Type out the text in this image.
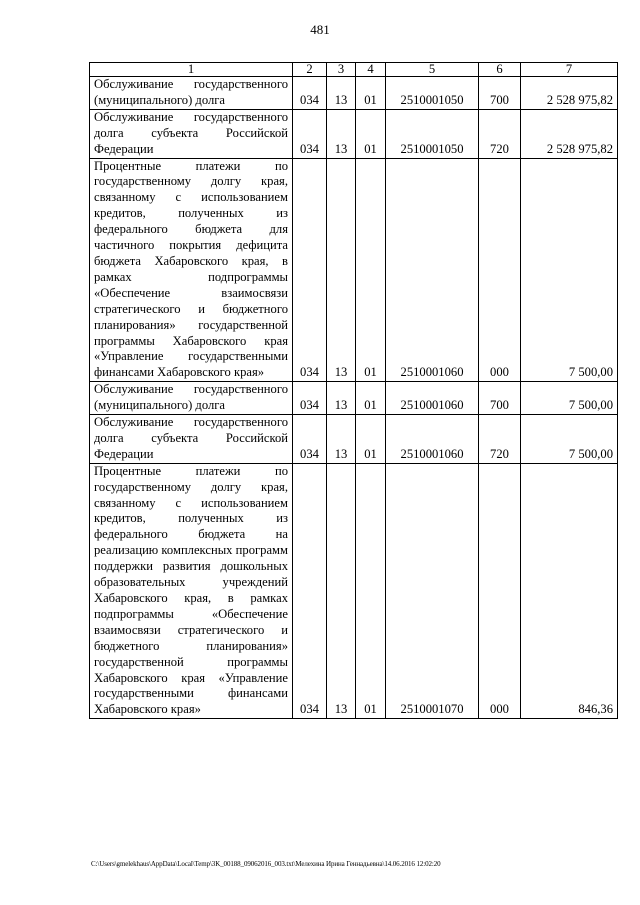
481
1	2	3	4	5	6	7
Обслуживание государственного (муниципального) долга	034	13	01	2510001050	700	2 528 975,82
Обслуживание государственного долга субъекта Российской Федерации	034	13	01	2510001050	720	2 528 975,82
Процентные платежи по государственному долгу края, связанному с использованием кредитов, полученных из федерального бюджета для частичного покрытия дефицита бюджета Хабаровского края, в рамках подпрограммы «Обеспечение взаимосвязи стратегического и бюджетного планирования» государственной программы Хабаровского края «Управление государственными финансами Хабаровского края»	034	13	01	2510001060	000	7 500,00
Обслуживание государственного (муниципального) долга	034	13	01	2510001060	700	7 500,00
Обслуживание государственного долга субъекта Российской Федерации	034	13	01	2510001060	720	7 500,00
Процентные платежи по государственному долгу края, связанному с использованием кредитов, полученных из федерального бюджета на реализацию комплексных программ поддержки развития дошкольных образовательных учреждений Хабаровского края, в рамках подпрограммы «Обеспечение взаимосвязи стратегического и бюджетного планирования» государственной программы Хабаровского края «Управление государственными финансами Хабаровского края»	034	13	01	2510001070	000	846,36
C:\Users\gmelekhaus\AppData\Local\Temp\3K_00188_09062016_003.txt\Мелехина Ирина Геннадьевна\14.06.2016 12:02:20
